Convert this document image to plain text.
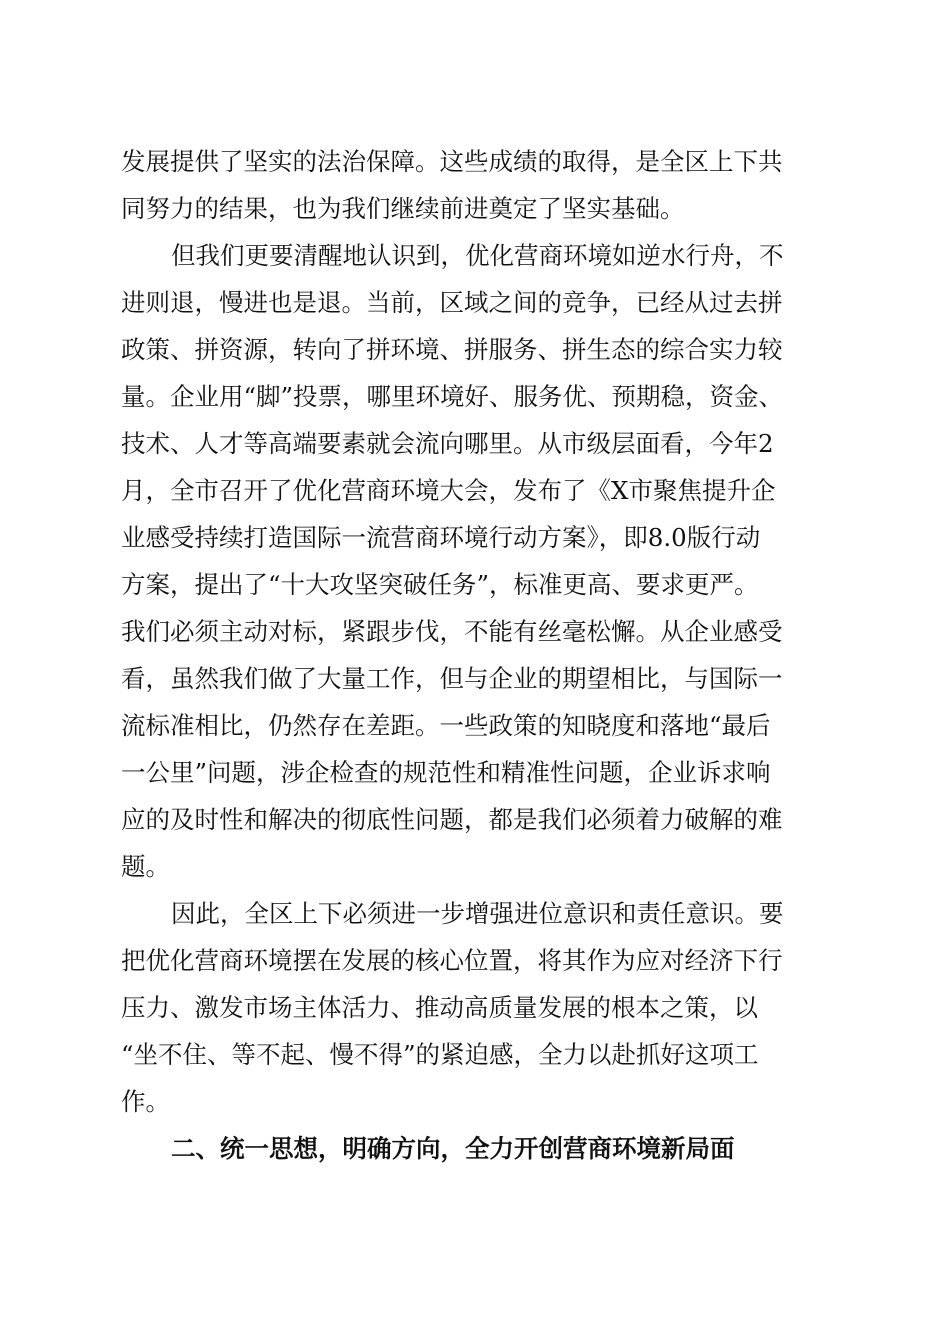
发展提供了坚实的法治保障。这些成绩的取得，是全区上下共
同努力的结果，也为我们继续前进奠定了坚实基础。
但我们更要清醒地认识到，优化营商环境如逆水行舟，不
进则退，慢进也是退。当前，区域之间的竞争，已经从过去拼
政策、拼资源，转向了拼环境、拼服务、拼生态的综合实力较
量。企业用“脚”投票，哪里环境好、服务优、预期稳，资金、
技术、人才等高端要素就会流向哪里。从市级层面看，今年2
月，全市召开了优化营商环境大会，发布了《X市聚焦提升企
业感受持续打造国际一流营商环境行动方案》，即8.0版行动
方案，提出了“十大攻坚突破任务”，标准更高、要求更严。
我们必须主动对标，紧跟步伐，不能有丝毫松懈。从企业感受
看，虽然我们做了大量工作，但与企业的期望相比，与国际一
流标准相比，仍然存在差距。一些政策的知晓度和落地“最后
一公里”问题，涉企检查的规范性和精准性问题，企业诉求响
应的及时性和解决的彻底性问题，都是我们必须着力破解的难
题。
因此，全区上下必须进一步增强进位意识和责任意识。要
把优化营商环境摆在发展的核心位置，将其作为应对经济下行
压力、激发市场主体活力、推动高质量发展的根本之策，以
“坐不住、等不起、慢不得”的紧迫感，全力以赴抓好这项工
作。
二、统一思想，明确方向，全力开创营商环境新局面
